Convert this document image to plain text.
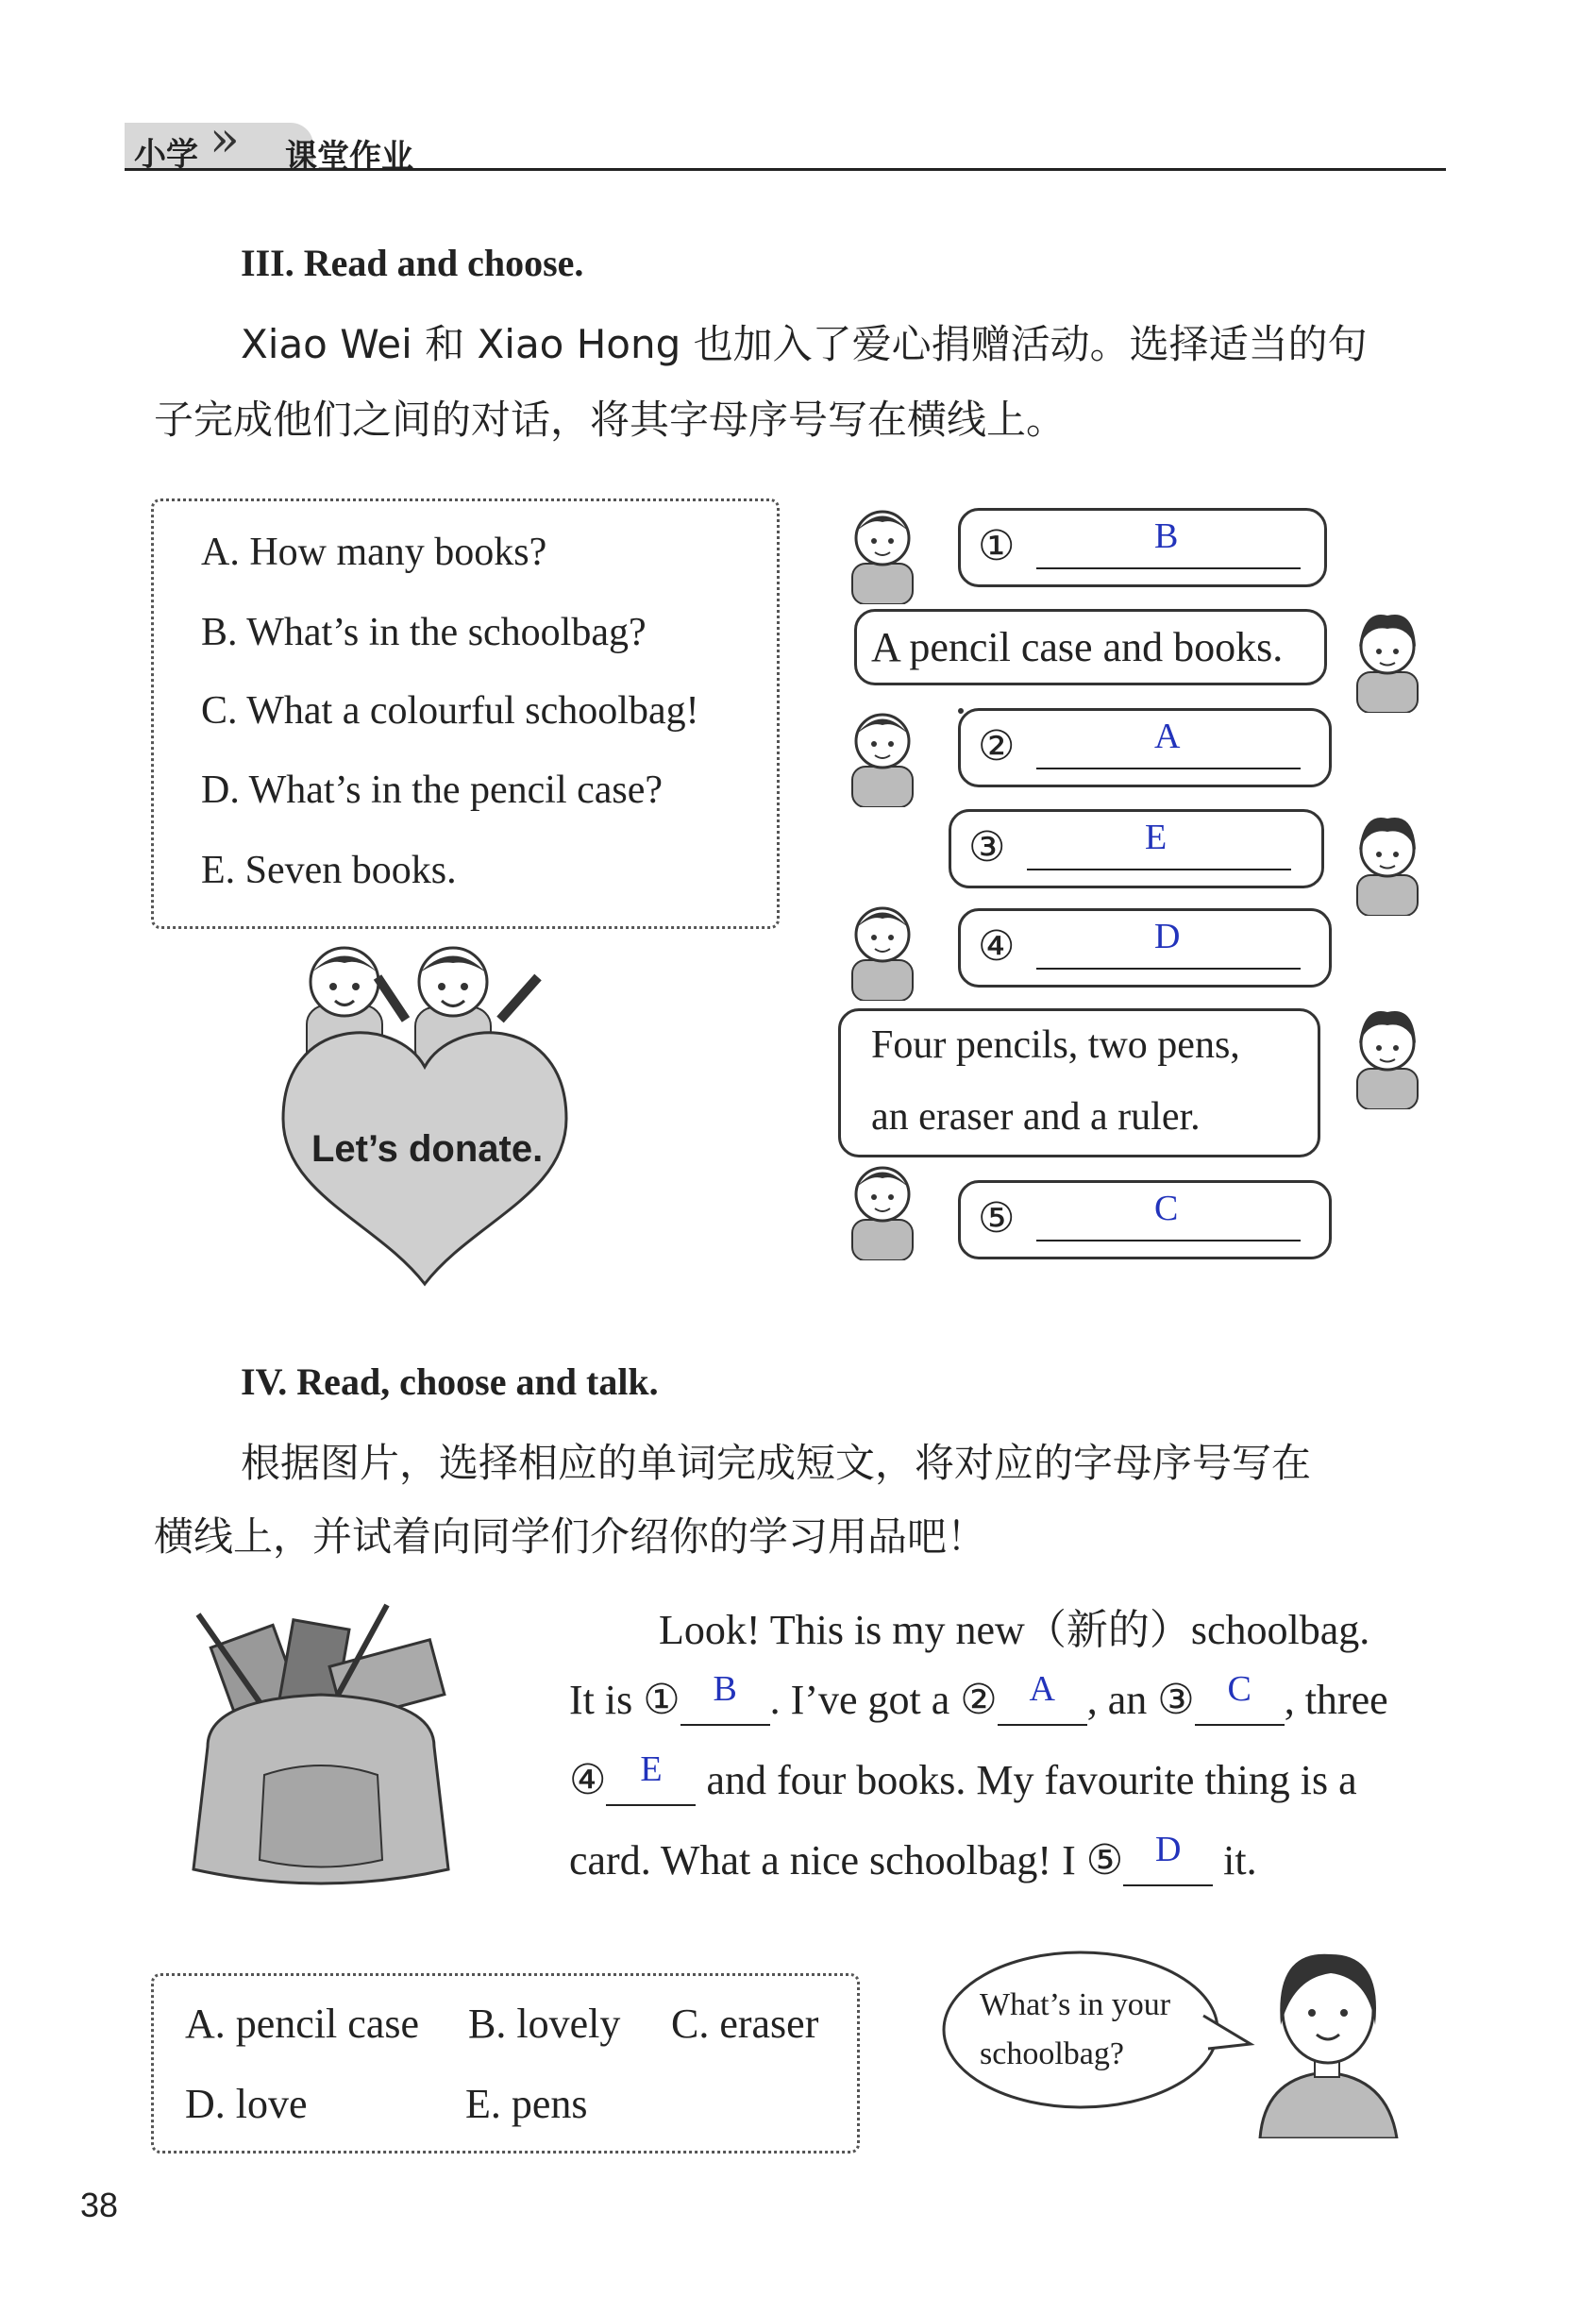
小学 » 课堂作业
III. Read and choose.
Xiao Wei 和 Xiao Hong 也加入了爱心捐赠活动。选择适当的句
子完成他们之间的对话，将其字母序号写在横线上。
A. How many books?
B. What’s in the schoolbag?
C. What a colourful schoolbag!
D. What’s in the pencil case?
E. Seven books.
Let’s donate.
①	B
A pencil case and books.
②	A
③	E
④	D
Four pencils, two pens,
an eraser and a ruler.
⑤	C
IV. Read, choose and talk.
根据图片，选择相应的单词完成短文，将对应的字母序号写在
横线上，并试着向同学们介绍你的学习用品吧！
Look! This is my new（新的）schoolbag.
It is ① B . I’ve got a ② A , an ③ C , three
④ E and four books. My favourite thing is a
card. What a nice schoolbag! I ⑤ D it.
A. pencil case B. lovely C. eraser
D. love	E. pens
What’s in your
schoolbag?
38
